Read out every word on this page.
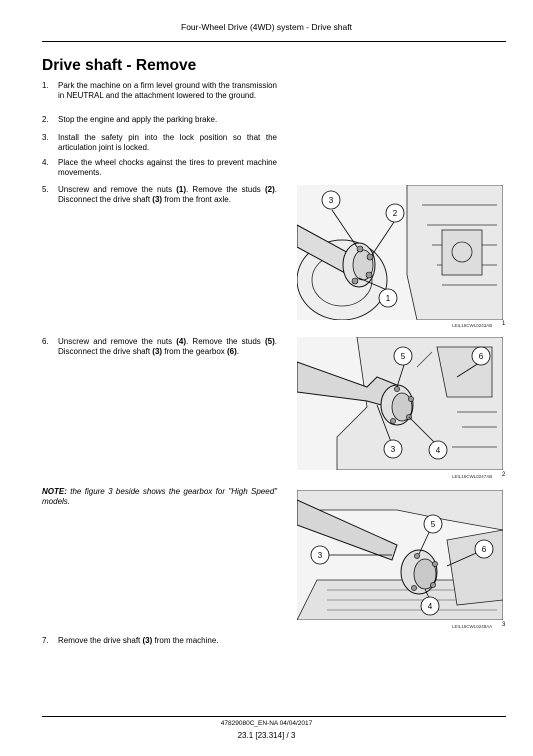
Four-Wheel Drive (4WD) system - Drive shaft
Drive shaft - Remove
1.	Park the machine on a firm level ground with the transmission in NEUTRAL and the attachment lowered to the ground.
2.	Stop the engine and apply the parking brake.
3.	Install the safety pin into the lock position so that the articulation joint is locked.
4.	Place the wheel chocks against the tires to prevent machine movements.
5.	Unscrew and remove the nuts (1). Remove the studs (2). Disconnect the drive shaft (3) from the front axle.
6.	Unscrew and remove the nuts (4). Remove the studs (5). Disconnect the drive shaft (3) from the gearbox (6).
NOTE: the figure 3 beside shows the gearbox for "High Speed" models.
7.	Remove the drive shaft (3) from the machine.
3
2
1
LEIL16CWL0243AB 1
5	6
3	4
LEIL16CWL0247AB 2
5
6
3
4
LEIL16CWL0248AA 3
47829080C_EN-NA 04/04/2017
23.1 [23.314] / 3
